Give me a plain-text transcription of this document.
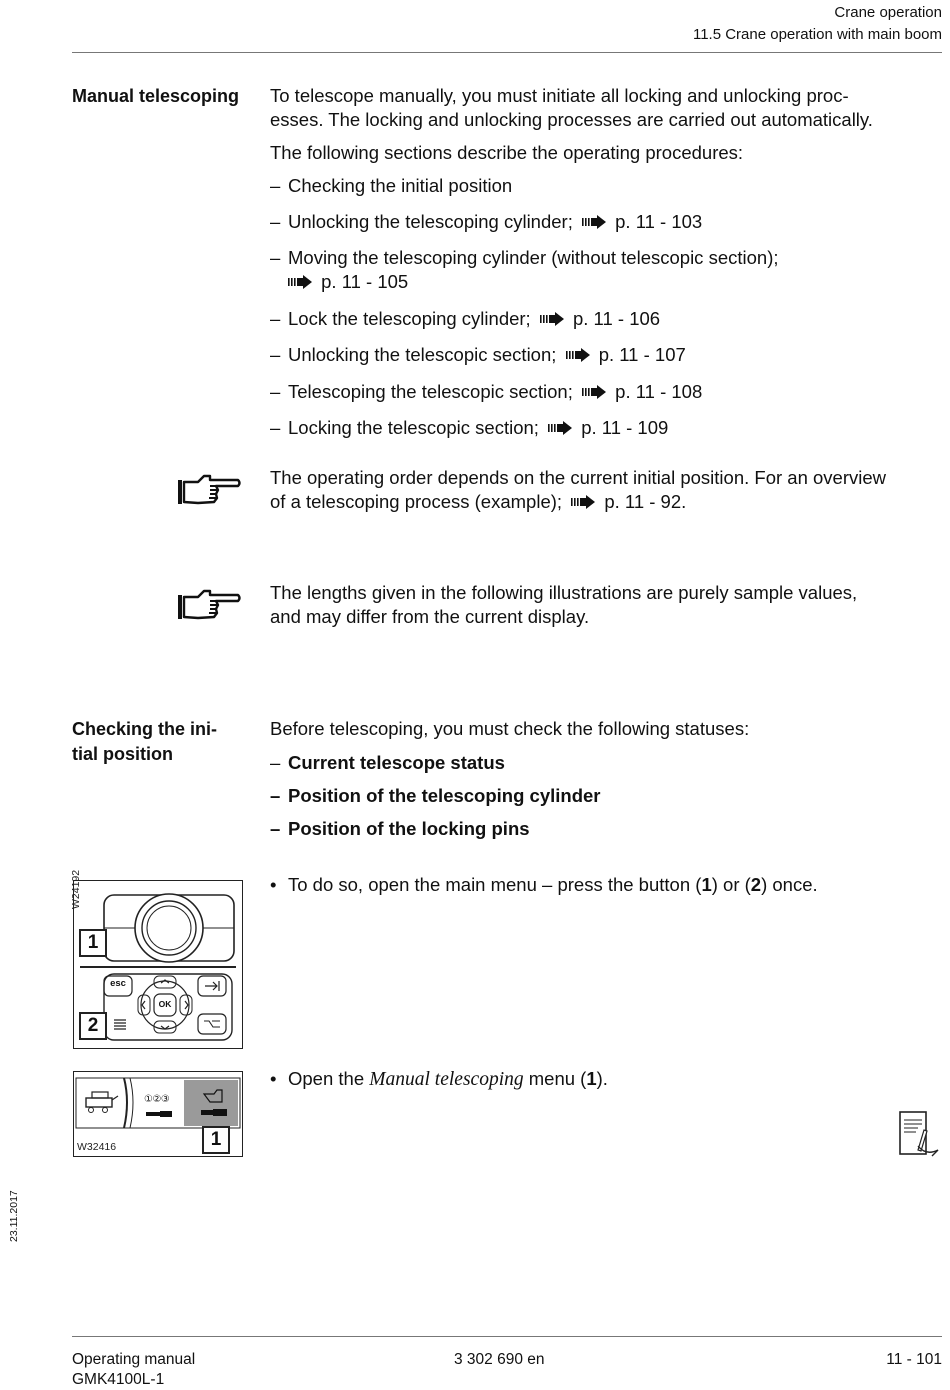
Crane operation
11.5 Crane operation with main boom
Manual telescoping To telescope manually, you must initiate all locking and unlocking proc-
esses. The locking and unlocking processes are carried out automatically.
The following sections describe the operating procedures:
– Checking the initial position
– Unlocking the telescoping cylinder; p. 11 - 103
– Moving the telescoping cylinder (without telescopic section);
p. 11 - 105
– Lock the telescoping cylinder; p. 11 - 106
– Unlocking the telescopic section; p. 11 - 107
– Telescoping the telescopic section; p. 11 - 108
– Locking the telescopic section; p. 11 - 109
The operating order depends on the current initial position. For an overview
of a telescoping process (example); p. 11 - 92.
The lengths given in the following illustrations are purely sample values,
and may differ from the current display.
Checking the ini-
tial position
Before telescoping, you must check the following statuses:
– Current telescope status
– Position of the telescoping cylinder
– Position of the locking pins
W24192
1
2
esc
OK
• To do so, open the main menu – press the button (1) or (2) once.
①②③
W32416	1
• Open the Manual telescoping menu (1).
23.11.2017
Operating manual
GMK4100L-1
3 302 690 en	11 - 101
